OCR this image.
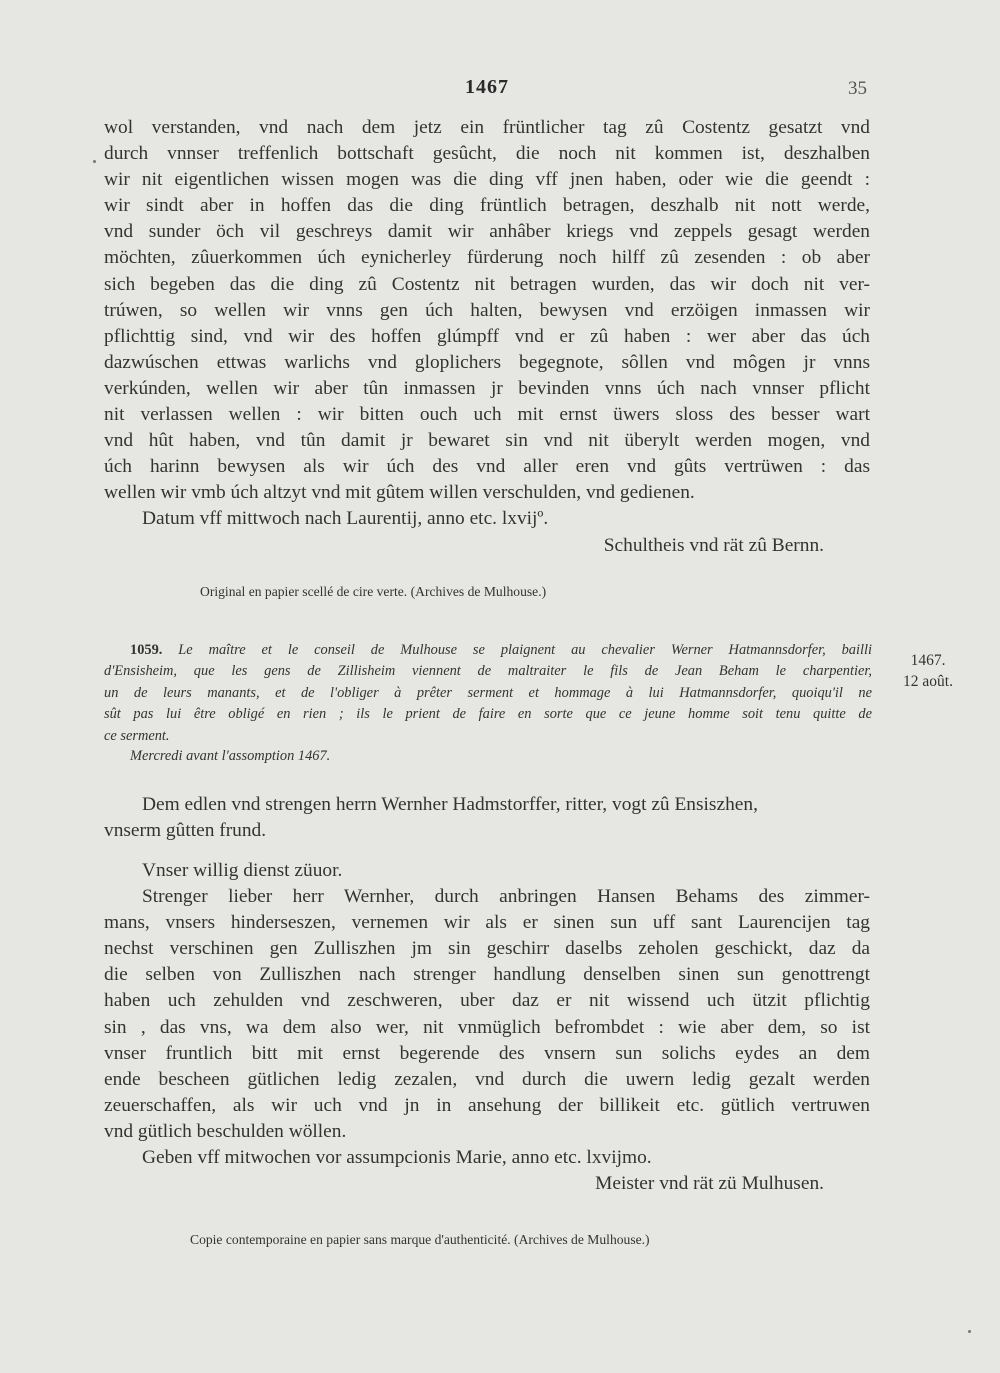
1467	35
wol verstanden, vnd nach dem jetz ein früntlicher tag zû Costentz gesatzt vnd
durch vnnser treffenlich bottschaft gesûcht, die noch nit kommen ist, deszhalben
wir nit eigentlichen wissen mogen was die ding vff jnen haben, oder wie die geendt :
wir sindt aber in hoffen das die ding früntlich betragen, deszhalb nit nott werde,
vnd sunder öch vil geschreys damit wir anhâber kriegs vnd zeppels gesagt werden
möchten, zûuerkommen úch eynicherley fürderung noch hilff zû zesenden : ob aber
sich begeben das die ding zû Costentz nit betragen wurden, das wir doch nit ver-
trúwen, so wellen wir vnns gen úch halten, bewysen vnd erzöigen inmassen wir
pflichttig sind, vnd wir des hoffen glúmpff vnd er zû haben : wer aber das úch
dazwúschen ettwas warlichs vnd gloplichers begegnote, sôllen vnd môgen jr vnns
verkúnden, wellen wir aber tûn inmassen jr bevinden vnns úch nach vnnser pflicht
nit verlassen wellen : wir bitten ouch uch mit ernst üwers sloss des besser wart
vnd hût haben, vnd tûn damit jr bewaret sin vnd nit überylt werden mogen, vnd
úch harinn bewysen als wir úch des vnd aller eren vnd gûts vertrüwen : das
wellen wir vmb úch altzyt vnd mit gûtem willen verschulden, vnd gedienen.
Datum vff mittwoch nach Laurentij, anno etc. lxvijº.
Schultheis vnd rät zû Bernn.
Original en papier scellé de cire verte. (Archives de Mulhouse.)
1059. Le maître et le conseil de Mulhouse se plaignent au chevalier Werner Hatmannsdorfer, bailli
d'Ensisheim, que les gens de Zillisheim viennent de maltraiter le fils de Jean Beham le charpentier,
un de leurs manants, et de l'obliger à prêter serment et hommage à lui Hatmannsdorfer, quoiqu'il ne
sût pas lui être obligé en rien ; ils le prient de faire en sorte que ce jeune homme soit tenu quitte de
ce serment.
Mercredi avant l'assomption 1467.
1467.
12 août.
Dem edlen vnd strengen herrn Wernher Hadmstorffer, ritter, vogt zû Ensiszhen,
vnserm gûtten frund.
Vnser willig dienst züuor.
Strenger lieber herr Wernher, durch anbringen Hansen Behams des zimmer-
mans, vnsers hinderseszen, vernemen wir als er sinen sun uff sant Laurencijen tag
nechst verschinen gen Zulliszhen jm sin geschirr daselbs zeholen geschickt, daz da
die selben von Zulliszhen nach strenger handlung denselben sinen sun genottrengt
haben uch zehulden vnd zeschweren, uber daz er nit wissend uch ützit pflichtig
sin , das vns, wa dem also wer, nit vnmüglich befrombdet : wie aber dem, so ist
vnser fruntlich bitt mit ernst begerende des vnsern sun solichs eydes an dem
ende bescheen gütlichen ledig zezalen, vnd durch die uwern ledig gezalt werden
zeuerschaffen, als wir uch vnd jn in ansehung der billikeit etc. gütlich vertruwen
vnd gütlich beschulden wöllen.
Geben vff mitwochen vor assumpcionis Marie, anno etc. lxvijmo.
Meister vnd rät zü Mulhusen.
Copie contemporaine en papier sans marque d'authenticité. (Archives de Mulhouse.)
